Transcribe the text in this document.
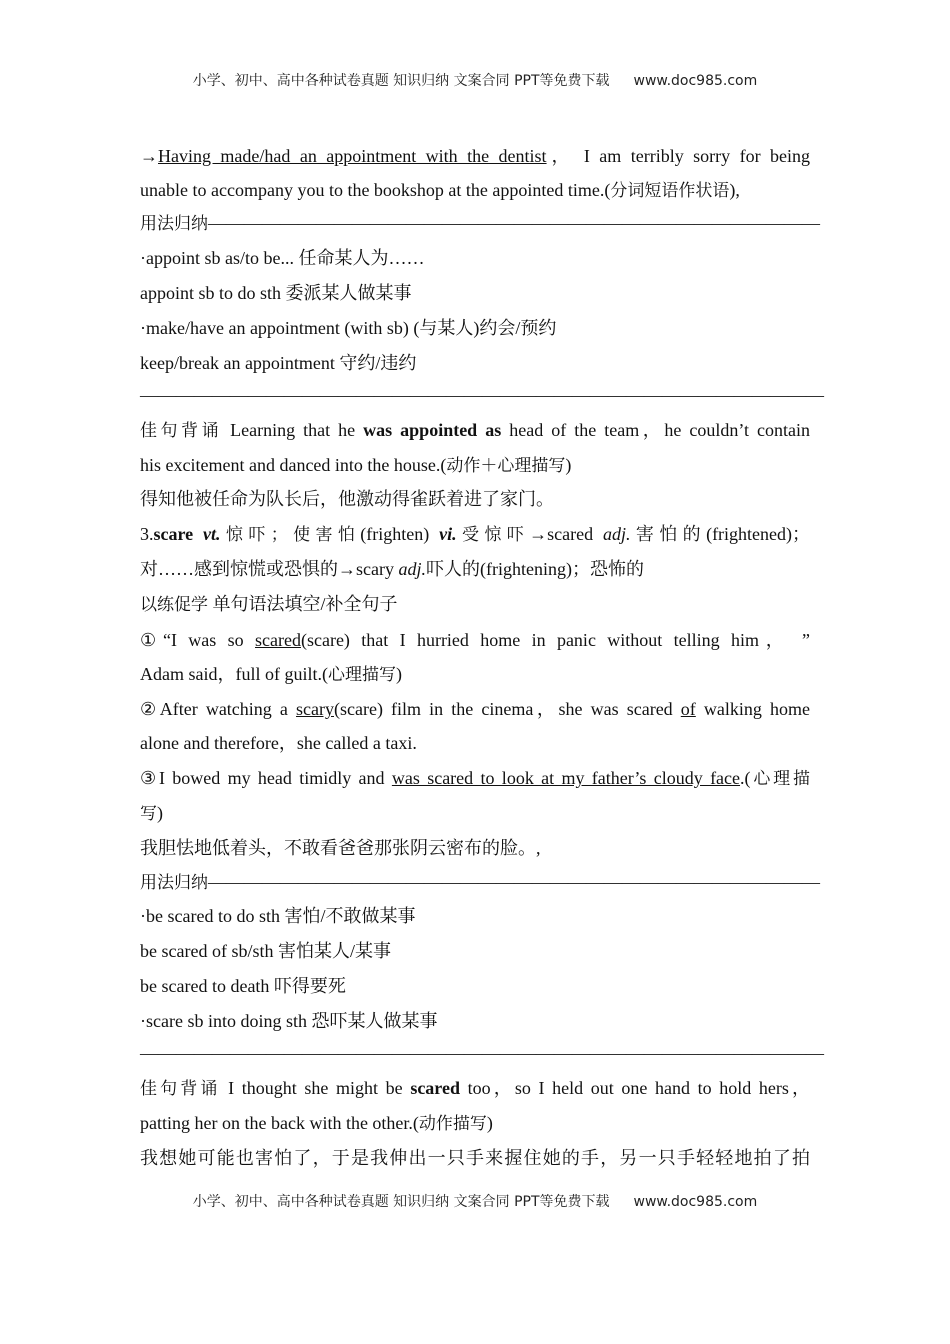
小学、初中、高中各种试卷真题 知识归纳 文案合同 PPT等免费下载 www.doc985.com
→Having made/had an appointment with the dentist， I am terribly sorry for being
unable to accompany you to the bookshop at the appointed time.(分词短语作状语),
用法归纳——————————————————————————————————
·appoint sb as/to be... 任命某人为……
appoint sb to do sth 委派某人做某事
·make/have an appointment (with sb) (与某人)约会/预约
keep/break an appointment 守约/违约
——————————————————————————————————————
佳句背诵 Learning that he was appointed as head of the team，he couldn’t contain
his excitement and danced into the house.(动作＋心理描写)
得知他被任命为队长后，他激动得雀跃着进了家门。
3.scare vt.惊吓；使害怕(frighten) vi.受惊吓→scared adj.害怕的(frightened)；
对……感到惊慌或恐惧的→scary adj.吓人的(frightening)；恐怖的
以练促学 单句语法填空/补全句子
①“I was so scared(scare) that I hurried home in panic without telling him， ”
Adam said，full of guilt.(心理描写)
②After watching a scary(scare) film in the cinema，she was scared of walking home
alone and therefore，she called a taxi.
③I bowed my head timidly and was scared to look at my father’s cloudy face.(心理描
写)
我胆怯地低着头，不敢看爸爸那张阴云密布的脸。,
用法归纳——————————————————————————————————
·be scared to do sth 害怕/不敢做某事
be scared of sb/sth 害怕某人/某事
be scared to death 吓得要死
·scare sb into doing sth 恐吓某人做某事
——————————————————————————————————————
佳句背诵 I thought she might be scared too，so I held out one hand to hold hers，
patting her on the back with the other.(动作描写)
我想她可能也害怕了，于是我伸出一只手来握住她的手，另一只手轻轻地拍了拍
小学、初中、高中各种试卷真题 知识归纳 文案合同 PPT等免费下载 www.doc985.com
